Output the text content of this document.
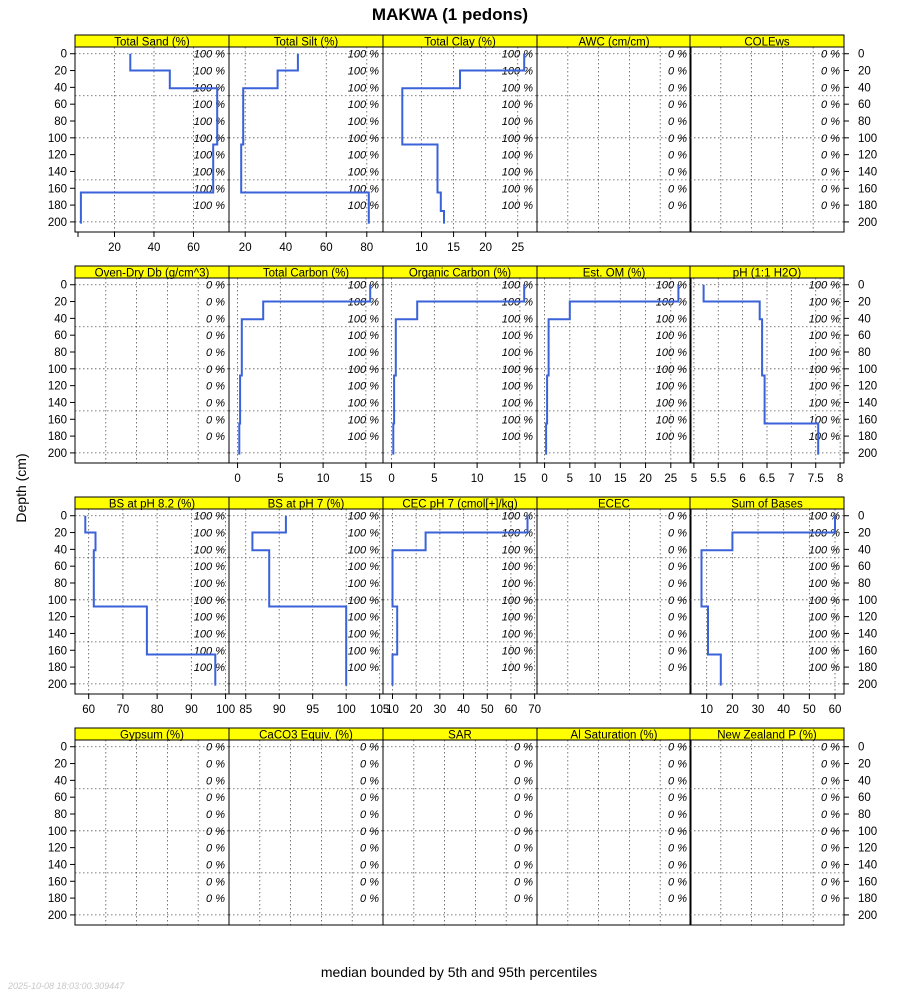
MAKWA (1 pedons)
Depth (cm)
median bounded by 5th and 95th percentiles
2025-10-08 18:03:00.309447
Total Sand (%)
100 %
100 %
100 %
100 %
100 %
100 %
100 %
100 %
100 %
100 %
20 40 60
0
20
40
60
80
100
120
140
160
180
200
Total Silt (%)
100 %
100 %
100 %
100 %
100 %
100 %
100 %
100 %
100 %
100 %
20 40 60 80
Total Clay (%)
100 %
100 %
100 %
100 %
100 %
100 %
100 %
100 %
100 %
100 %
10 15 20 25
AWC (cm/cm)
0 %
0 %
0 %
0 %
0 %
0 %
0 %
0 %
0 %
0 %
COLEws
0 %
0 %
0 %
0 %
0 %
0 %
0 %
0 %
0 %
0 %
0
20
40
60
80
100
120
140
160
180
200
Oven-Dry Db (g/cm^3)
0 %
0 %
0 %
0 %
0 %
0 %
0 %
0 %
0 %
0 %
0
20
40
60
80
100
120
140
160
180
200
Total Carbon (%)
100 %
100 %
100 %
100 %
100 %
100 %
100 %
100 %
100 %
100 %
0	5	10	15
Organic Carbon (%)
100 %
100 %
100 %
100 %
100 %
100 %
100 %
100 %
100 %
100 %
0	5	10	15
Est. OM (%)
100 %
100 %
100 %
100 %
100 %
100 %
100 %
100 %
100 %
100 %
0 5 10 15 20 25
pH (1:1 H2O)
100 %
100 %
100 %
100 %
100 %
100 %
100 %
100 %
100 %
100 %
5 5.5 6 6.5 7 7.5 8
0
20
40
60
80
100
120
140
160
180
200
BS at pH 8.2 (%)
100 %
100 %
100 %
100 %
100 %
100 %
100 %
100 %
100 %
100 %
60 70 80 90 100
0
20
40
60
80
100
120
140
160
180
200
BS at pH 7 (%)
100 %
100 %
100 %
100 %
100 %
100 %
100 %
100 %
100 %
100 %
85 90 95 100 105
CEC pH 7 (cmol[+]/kg)
100 %
100 %
100 %
100 %
100 %
100 %
100 %
100 %
100 %
100 %
10 20 30 40 50 60 70
ECEC
0 %
0 %
0 %
0 %
0 %
0 %
0 %
0 %
0 %
0 %
Sum of Bases
100 %
100 %
100 %
100 %
100 %
100 %
100 %
100 %
100 %
100 %
10 20 30 40 50 60
0
20
40
60
80
100
120
140
160
180
200
Gypsum (%)
0 %
0 %
0 %
0 %
0 %
0 %
0 %
0 %
0 %
0 %
0
20
40
60
80
100
120
140
160
180
200
CaCO3 Equiv. (%)
0 %
0 %
0 %
0 %
0 %
0 %
0 %
0 %
0 %
0 %
SAR
0 %
0 %
0 %
0 %
0 %
0 %
0 %
0 %
0 %
0 %
Al Saturation (%)
0 %
0 %
0 %
0 %
0 %
0 %
0 %
0 %
0 %
0 %
New Zealand P (%)
0 %
0 %
0 %
0 %
0 %
0 %
0 %
0 %
0 %
0 %
0
20
40
60
80
100
120
140
160
180
200
